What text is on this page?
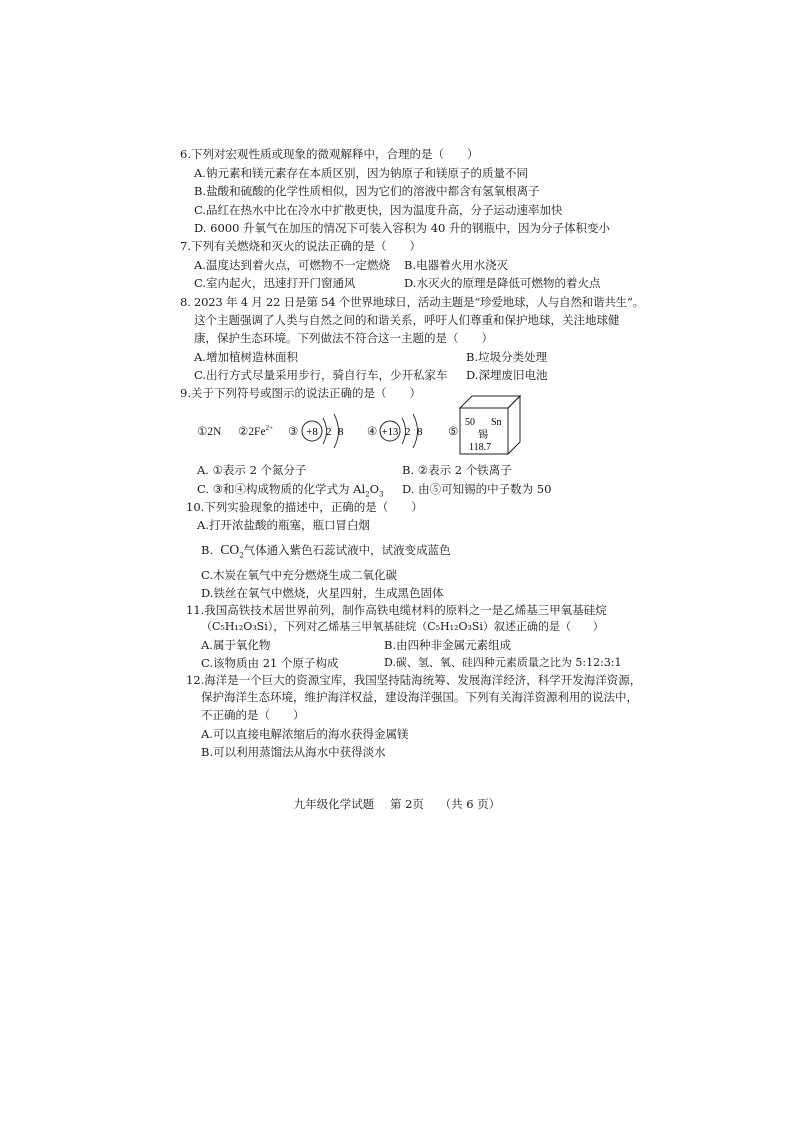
6.下列对宏观性质或现象的微观解释中，合理的是（　　）
A.钠元素和镁元素存在本质区别，因为钠原子和镁原子的质量不同
B.盐酸和硫酸的化学性质相似，因为它们的溶液中都含有氢氧根离子
C.品红在热水中比在冷水中扩散更快，因为温度升高，分子运动速率加快
D. 6000 升氧气在加压的情况下可装入容积为 40 升的钢瓶中，因为分子体积变小
7.下列有关燃烧和灭火的说法正确的是（　　）
A.温度达到着火点，可燃物不一定燃烧 B.电器着火用水浇灭
C.室内起火，迅速打开门窗通风	D.水灭火的原理是降低可燃物的着火点
8. 2023 年 4 月 22 日是第 54 个世界地球日，活动主题是“珍爱地球，人与自然和谐共生”。
这个主题强调了人类与自然之间的和谐关系，呼吁人们尊重和保护地球，关注地球健
康，保护生态环境。下列做法不符合这一主题的是（　　）
A.增加植树造林面积	B.垃圾分类处理
C.出行方式尽量采用步行，骑自行车，少开私家车 D.深埋废旧电池
9.关于下列符号或图示的说法正确的是（　　）
①2N $②2Fe^{2+}$ ③ +8 2 8 ④ +13 2 8 ⑤
50 Sn
锡
118.7
A. ①表示 2 个氮分子	B. ②表示 2 个铁离子
C. ③和④构成物质的化学式为 $Al_2O_3$ D. 由⑤可知锡的中子数为 50
10.下列实验现象的描述中，正确的是（　　）
A.打开浓盐酸的瓶塞，瓶口冒白烟
B. $CO_2$气体通入紫色石蕊试液中，试液变成蓝色
C.木炭在氧气中充分燃烧生成二氧化碳
D.铁丝在氧气中燃烧，火星四射，生成黑色固体
11.我国高铁技术居世界前列，制作高铁电缆材料的原料之一是乙烯基三甲氧基硅烷
（C₅H₁₂O₃Si），下列对乙烯基三甲氧基硅烷（C₅H₁₂O₃Si）叙述正确的是（　　）
A.属于氧化物	B.由四种非金属元素组成
C.该物质由 21 个原子构成	D.碳、氢、氧、硅四种元素质量之比为 5:12:3:1
12.海洋是一个巨大的资源宝库，我国坚持陆海统筹、发展海洋经济，科学开发海洋资源，
保护海洋生态环境，维护海洋权益，建设海洋强国。下列有关海洋资源利用的说法中，
不正确的是（　　）
A.可以直接电解浓缩后的海水获得金属镁
B.可以利用蒸馏法从海水中获得淡水
九年级化学试题 第 2页 （共 6 页）
